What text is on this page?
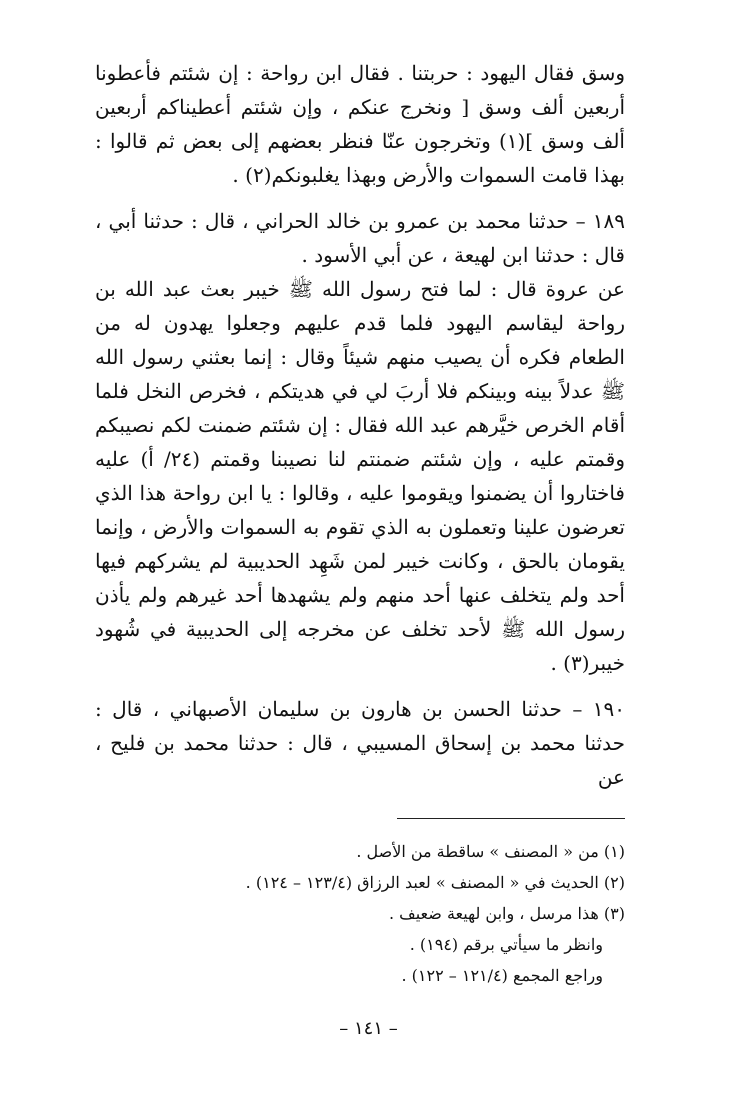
وسق فقال اليهود : حربتنا . فقال ابن رواحة : إن شئتم فأعطونا أربعين ألف وسق [ ونخرج عنكم ، وإن شئتم أعطيناكم أربعين ألف وسق ](١) وتخرجون عنّا فنظر بعضهم إلى بعض ثم قالوا : بهذا قامت السموات والأرض وبهذا يغلبونكم(٢) .

١٨٩ – حدثنا محمد بن عمرو بن خالد الحراني ، قال : حدثنا أبي ، قال : حدثنا ابن لهيعة ، عن أبي الأسود .

عن عروة قال : لما فتح رسول الله ﷺ خيبر بعث عبد الله بن رواحة ليقاسم اليهود فلما قدم عليهم وجعلوا يهدون له من الطعام فكره أن يصيب منهم شيئاً وقال : إنما بعثني رسول الله ﷺ عدلاً بينه وبينكم فلا أربَ لي في هديتكم ، فخرص النخل فلما أقام الخرص خيَّرهم عبد الله فقال : إن شئتم ضمنت لكم نصيبكم وقمتم عليه ، وإن شئتم ضمنتم لنا نصيبنا وقمتم (٢٤/ أ) عليه فاختاروا أن يضمنوا ويقوموا عليه ، وقالوا : يا ابن رواحة هذا الذي تعرضون علينا وتعملون به الذي تقوم به السموات والأرض ، وإنما يقومان بالحق ، وكانت خيبر لمن شَهِد الحديبية لم يشركهم فيها أحد ولم يتخلف عنها أحد منهم ولم يشهدها أحد غيرهم ولم يأذن رسول الله ﷺ لأحد تخلف عن مخرجه إلى الحديبية في شُهود خيبر(٣) .

١٩٠ – حدثنا الحسن بن هارون بن سليمان الأصبهاني ، قال : حدثنا محمد بن إسحاق المسيبي ، قال : حدثنا محمد بن فليح ، عن

(١) من « المصنف » ساقطة من الأصل .
(٢) الحديث في « المصنف » لعبد الرزاق (١٢٣/٤ – ١٢٤) .
(٣) هذا مرسل ، وابن لهيعة ضعيف .
وانظر ما سيأتي برقم (١٩٤) .
وراجع المجمع (١٢١/٤ – ١٢٢) .
– ١٤١ –
